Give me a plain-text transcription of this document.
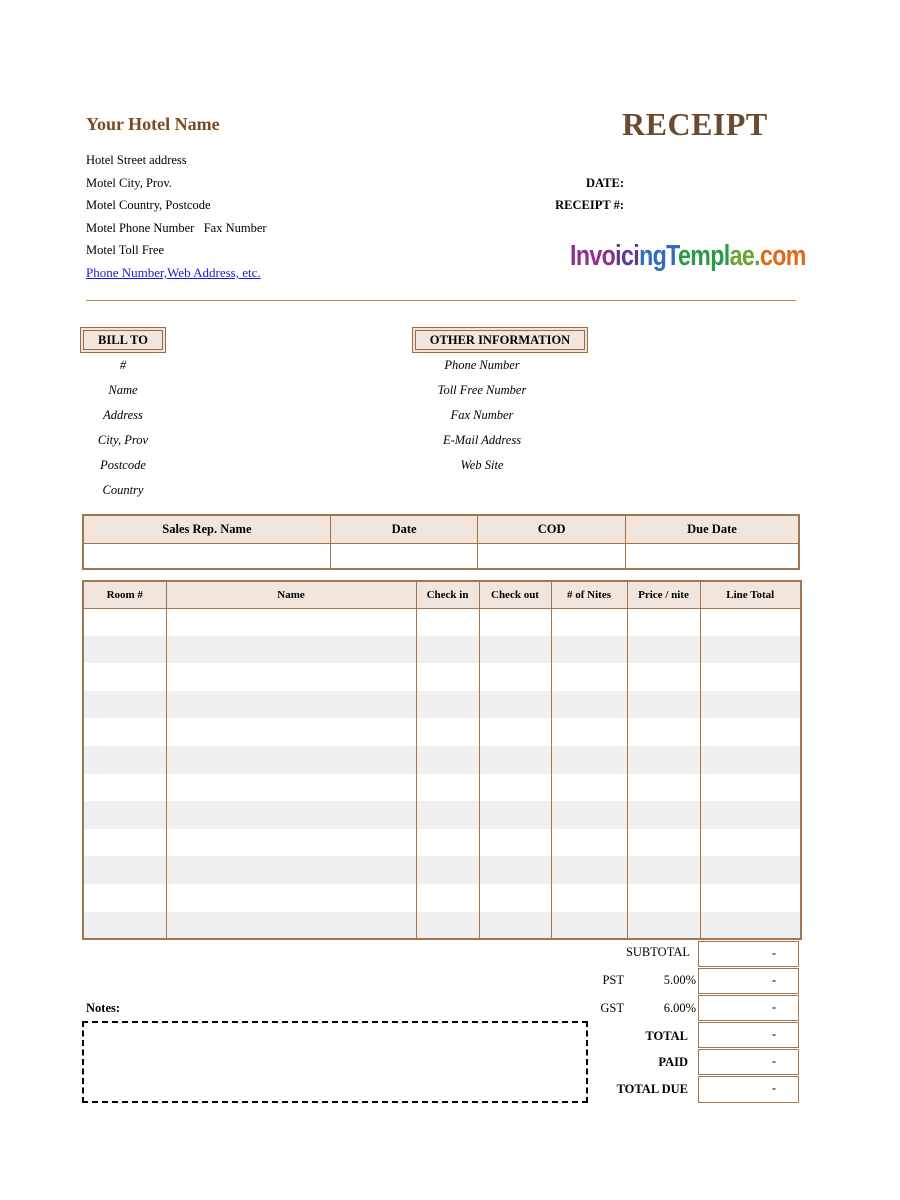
Your Hotel Name	RECEIPT
Hotel Street address
Motel City, Prov.
Motel Country, Postcode
Motel Phone Number   Fax Number
Motel Toll Free
Phone Number,Web Address, etc.
DATE:
RECEIPT #:
InvoicingTemplae.com
BILL TO
#
Name
Address
City, Prov
Postcode
Country
OTHER INFORMATION
Phone Number
Toll Free Number
Fax Number
E-Mail Address
Web Site
Sales Rep. Name	Date	COD	Due Date

Room #	Name	Check in	Check out	# of Nites	Price / nite	Line Total

SUBTOTAL	-
PST	5.00%	-
GST	6.00%	-
TOTAL	-
PAID	-
TOTAL DUE	-
Notes:
